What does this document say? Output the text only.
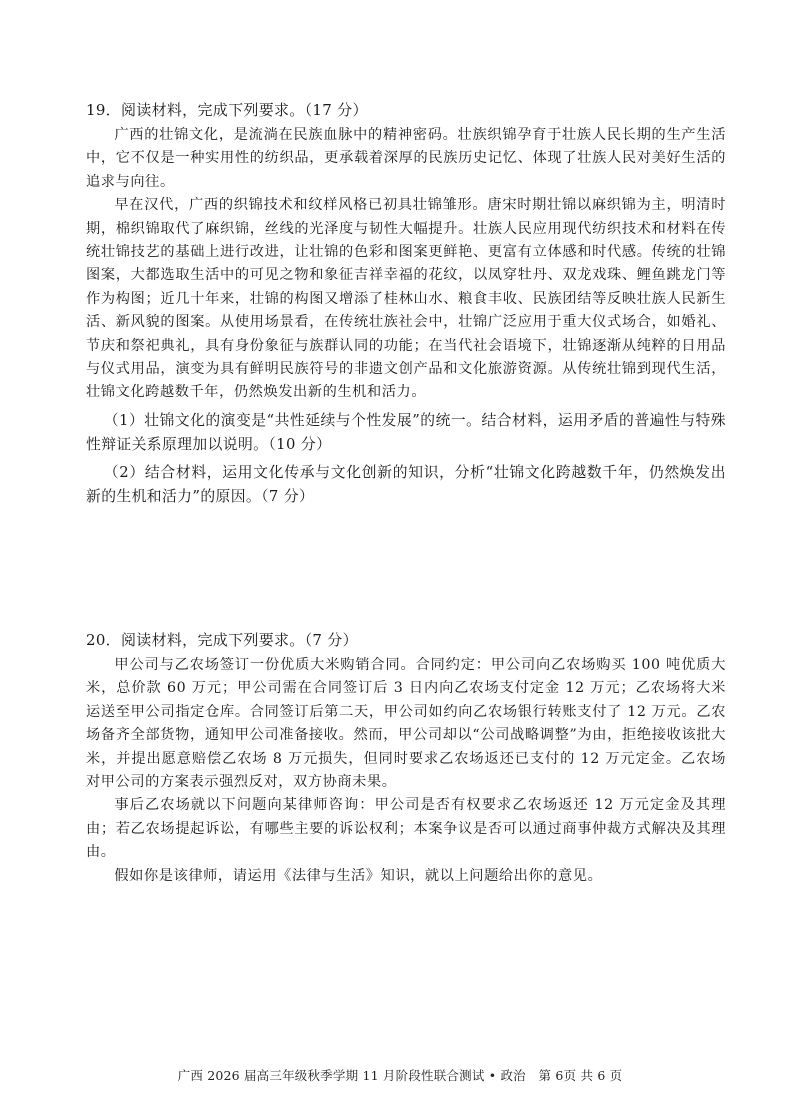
19．阅读材料，完成下列要求。（17 分）

广西的壮锦文化，是流淌在民族血脉中的精神密码。壮族织锦孕育于壮族人民长期的生产生活中，它不仅是一种实用性的纺织品，更承载着深厚的民族历史记忆、体现了壮族人民对美好生活的追求与向往。

早在汉代，广西的织锦技术和纹样风格已初具壮锦雏形。唐宋时期壮锦以麻织锦为主，明清时期，棉织锦取代了麻织锦，丝线的光泽度与韧性大幅提升。壮族人民应用现代纺织技术和材料在传统壮锦技艺的基础上进行改进，让壮锦的色彩和图案更鲜艳、更富有立体感和时代感。传统的壮锦图案，大都选取生活中的可见之物和象征吉祥幸福的花纹，以凤穿牡丹、双龙戏珠、鲤鱼跳龙门等作为构图；近几十年来，壮锦的构图又增添了桂林山水、粮食丰收、民族团结等反映壮族人民新生活、新风貌的图案。从使用场景看，在传统壮族社会中，壮锦广泛应用于重大仪式场合，如婚礼、节庆和祭祀典礼，具有身份象征与族群认同的功能；在当代社会语境下，壮锦逐渐从纯粹的日用品与仪式用品，演变为具有鲜明民族符号的非遗文创产品和文化旅游资源。从传统壮锦到现代生活，壮锦文化跨越数千年，仍然焕发出新的生机和活力。

（1）壮锦文化的演变是“共性延续与个性发展”的统一。结合材料，运用矛盾的普遍性与特殊性辩证关系原理加以说明。（10 分）

（2）结合材料，运用文化传承与文化创新的知识，分析“壮锦文化跨越数千年，仍然焕发出新的生机和活力”的原因。（7 分）

20．阅读材料，完成下列要求。（7 分）

甲公司与乙农场签订一份优质大米购销合同。合同约定：甲公司向乙农场购买 100 吨优质大米，总价款 60 万元；甲公司需在合同签订后 3 日内向乙农场支付定金 12 万元；乙农场将大米运送至甲公司指定仓库。合同签订后第二天，甲公司如约向乙农场银行转账支付了 12 万元。乙农场备齐全部货物，通知甲公司准备接收。然而，甲公司却以“公司战略调整”为由，拒绝接收该批大米，并提出愿意赔偿乙农场 8 万元损失，但同时要求乙农场返还已支付的 12 万元定金。乙农场对甲公司的方案表示强烈反对，双方协商未果。

事后乙农场就以下问题向某律师咨询：甲公司是否有权要求乙农场返还 12 万元定金及其理由；若乙农场提起诉讼，有哪些主要的诉讼权利；本案争议是否可以通过商事仲裁方式解决及其理由。

假如你是该律师，请运用《法律与生活》知识，就以上问题给出你的意见。

广西 2026 届高三年级秋季学期 11 月阶段性联合测试 • 政治　第 6页 共 6 页
